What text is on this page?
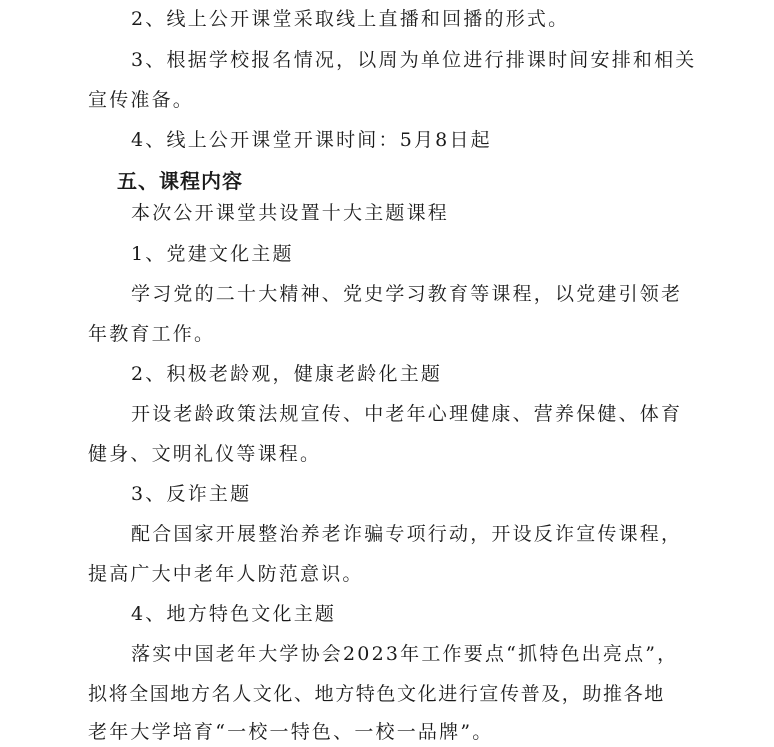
2、线上公开课堂采取线上直播和回播的形式。
3、根据学校报名情况，以周为单位进行排课时间安排和相关
宣传准备。
4、线上公开课堂开课时间：5月8日起
五、课程内容
本次公开课堂共设置十大主题课程
1、党建文化主题
学习党的二十大精神、党史学习教育等课程，以党建引领老
年教育工作。
2、积极老龄观，健康老龄化主题
开设老龄政策法规宣传、中老年心理健康、营养保健、体育
健身、文明礼仪等课程。
3、反诈主题
配合国家开展整治养老诈骗专项行动，开设反诈宣传课程，
提高广大中老年人防范意识。
4、地方特色文化主题
落实中国老年大学协会2023年工作要点“抓特色出亮点”，
拟将全国地方名人文化、地方特色文化进行宣传普及，助推各地
老年大学培育“一校一特色、一校一品牌”。
